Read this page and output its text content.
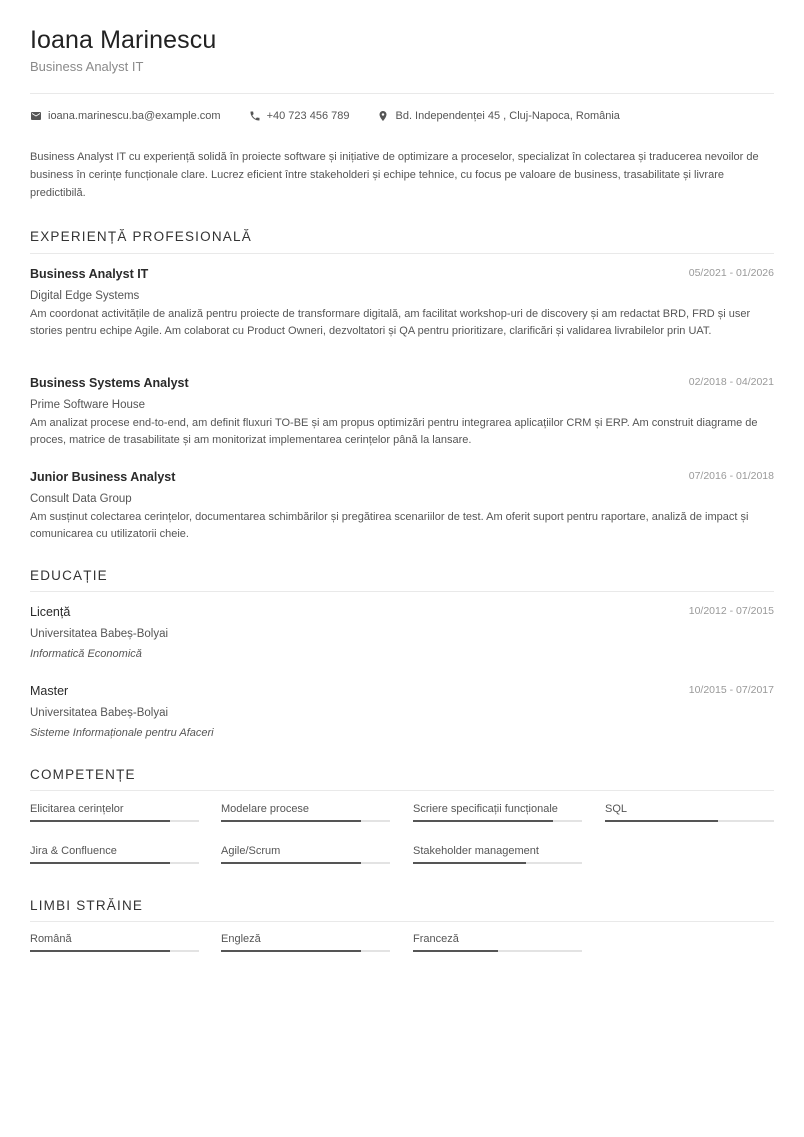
Ioana Marinescu
Business Analyst IT
ioana.marinescu.ba@example.com	+40 723 456 789	Bd. Independenței 45 , Cluj-Napoca, România
Business Analyst IT cu experiență solidă în proiecte software și inițiative de optimizare a proceselor, specializat în colectarea și traducerea nevoilor de business în cerințe funcționale clare. Lucrez eficient între stakeholderi și echipe tehnice, cu focus pe valoare de business, trasabilitate și livrare predictibilă.
EXPERIENȚĂ PROFESIONALĂ
Business Analyst IT	05/2021 - 01/2026
Digital Edge Systems
Am coordonat activitățile de analiză pentru proiecte de transformare digitală, am facilitat workshop-uri de discovery și am redactat BRD, FRD și user stories pentru echipe Agile. Am colaborat cu Product Owneri, dezvoltatori și QA pentru prioritizare, clarificări și validarea livrabilelor prin UAT.
Business Systems Analyst	02/2018 - 04/2021
Prime Software House
Am analizat procese end-to-end, am definit fluxuri TO-BE și am propus optimizări pentru integrarea aplicațiilor CRM și ERP. Am construit diagrame de proces, matrice de trasabilitate și am monitorizat implementarea cerințelor până la lansare.
Junior Business Analyst	07/2016 - 01/2018
Consult Data Group
Am susținut colectarea cerințelor, documentarea schimbărilor și pregătirea scenariilor de test. Am oferit suport pentru raportare, analiză de impact și comunicarea cu utilizatorii cheie.
EDUCAȚIE
Licență	10/2012 - 07/2015
Universitatea Babeș-Bolyai
Informatică Economică
Master	10/2015 - 07/2017
Universitatea Babeș-Bolyai
Sisteme Informaționale pentru Afaceri
COMPETENȚE
Elicitarea cerințelor	Modelare procese	Scriere specificații funcționale	SQL
Jira & Confluence	Agile/Scrum	Stakeholder management
LIMBI STRĂINE
Română	Engleză	Franceză
